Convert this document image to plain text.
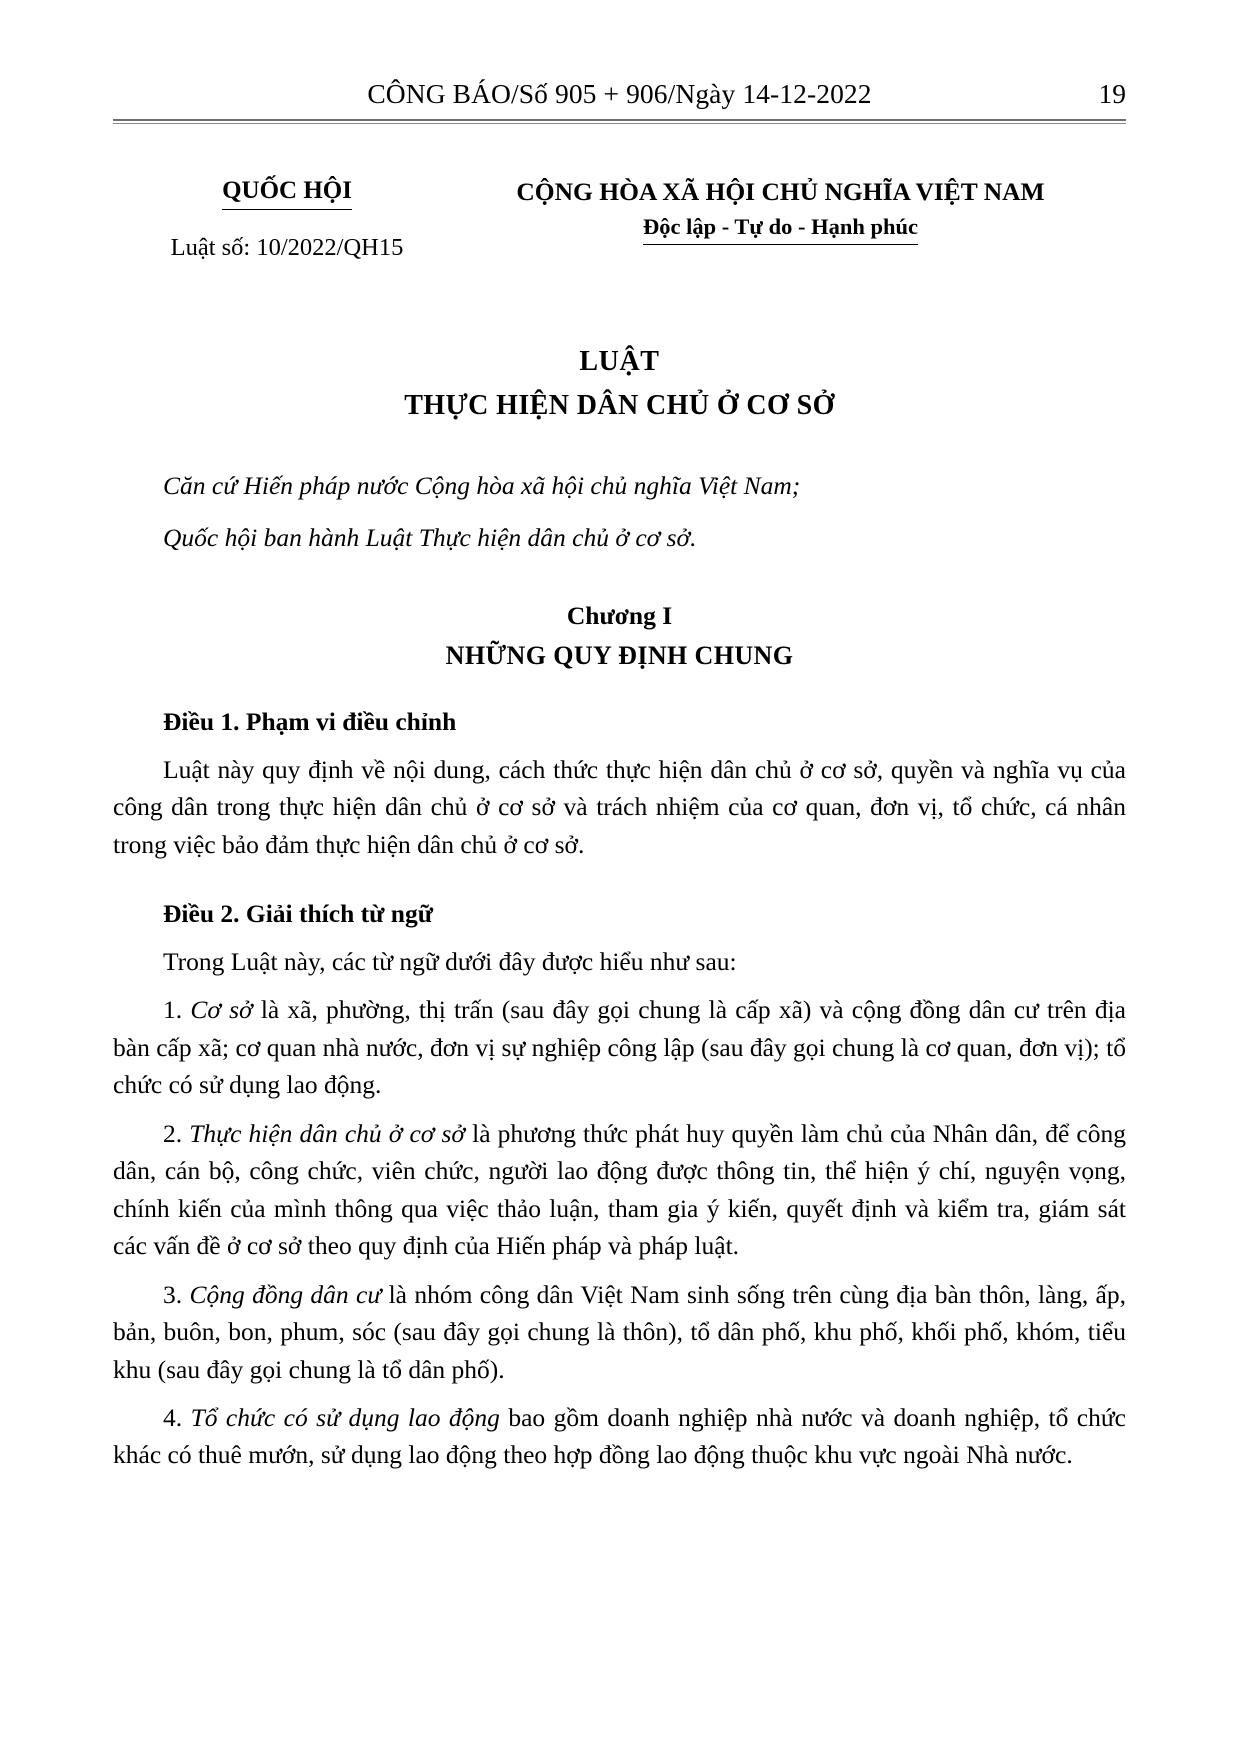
CÔNG BÁO/Số 905 + 906/Ngày 14-12-2022	19
QUỐC HỘI
Luật số: 10/2022/QH15
CỘNG HÒA XÃ HỘI CHỦ NGHĨA VIỆT NAM
Độc lập - Tự do - Hạnh phúc
LUẬT
THỰC HIỆN DÂN CHỦ Ở CƠ SỞ

Căn cứ Hiến pháp nước Cộng hòa xã hội chủ nghĩa Việt Nam;

Quốc hội ban hành Luật Thực hiện dân chủ ở cơ sở.

Chương I
NHỮNG QUY ĐỊNH CHUNG
Điều 1. Phạm vi điều chỉnh

Luật này quy định về nội dung, cách thức thực hiện dân chủ ở cơ sở, quyền và nghĩa vụ của công dân trong thực hiện dân chủ ở cơ sở và trách nhiệm của cơ quan, đơn vị, tổ chức, cá nhân trong việc bảo đảm thực hiện dân chủ ở cơ sở.

Điều 2. Giải thích từ ngữ

Trong Luật này, các từ ngữ dưới đây được hiểu như sau:

1. Cơ sở là xã, phường, thị trấn (sau đây gọi chung là cấp xã) và cộng đồng dân cư trên địa bàn cấp xã; cơ quan nhà nước, đơn vị sự nghiệp công lập (sau đây gọi chung là cơ quan, đơn vị); tổ chức có sử dụng lao động.

2. Thực hiện dân chủ ở cơ sở là phương thức phát huy quyền làm chủ của Nhân dân, để công dân, cán bộ, công chức, viên chức, người lao động được thông tin, thể hiện ý chí, nguyện vọng, chính kiến của mình thông qua việc thảo luận, tham gia ý kiến, quyết định và kiểm tra, giám sát các vấn đề ở cơ sở theo quy định của Hiến pháp và pháp luật.

3. Cộng đồng dân cư là nhóm công dân Việt Nam sinh sống trên cùng địa bàn thôn, làng, ấp, bản, buôn, bon, phum, sóc (sau đây gọi chung là thôn), tổ dân phố, khu phố, khối phố, khóm, tiểu khu (sau đây gọi chung là tổ dân phố).

4. Tổ chức có sử dụng lao động bao gồm doanh nghiệp nhà nước và doanh nghiệp, tổ chức khác có thuê mướn, sử dụng lao động theo hợp đồng lao động thuộc khu vực ngoài Nhà nước.
